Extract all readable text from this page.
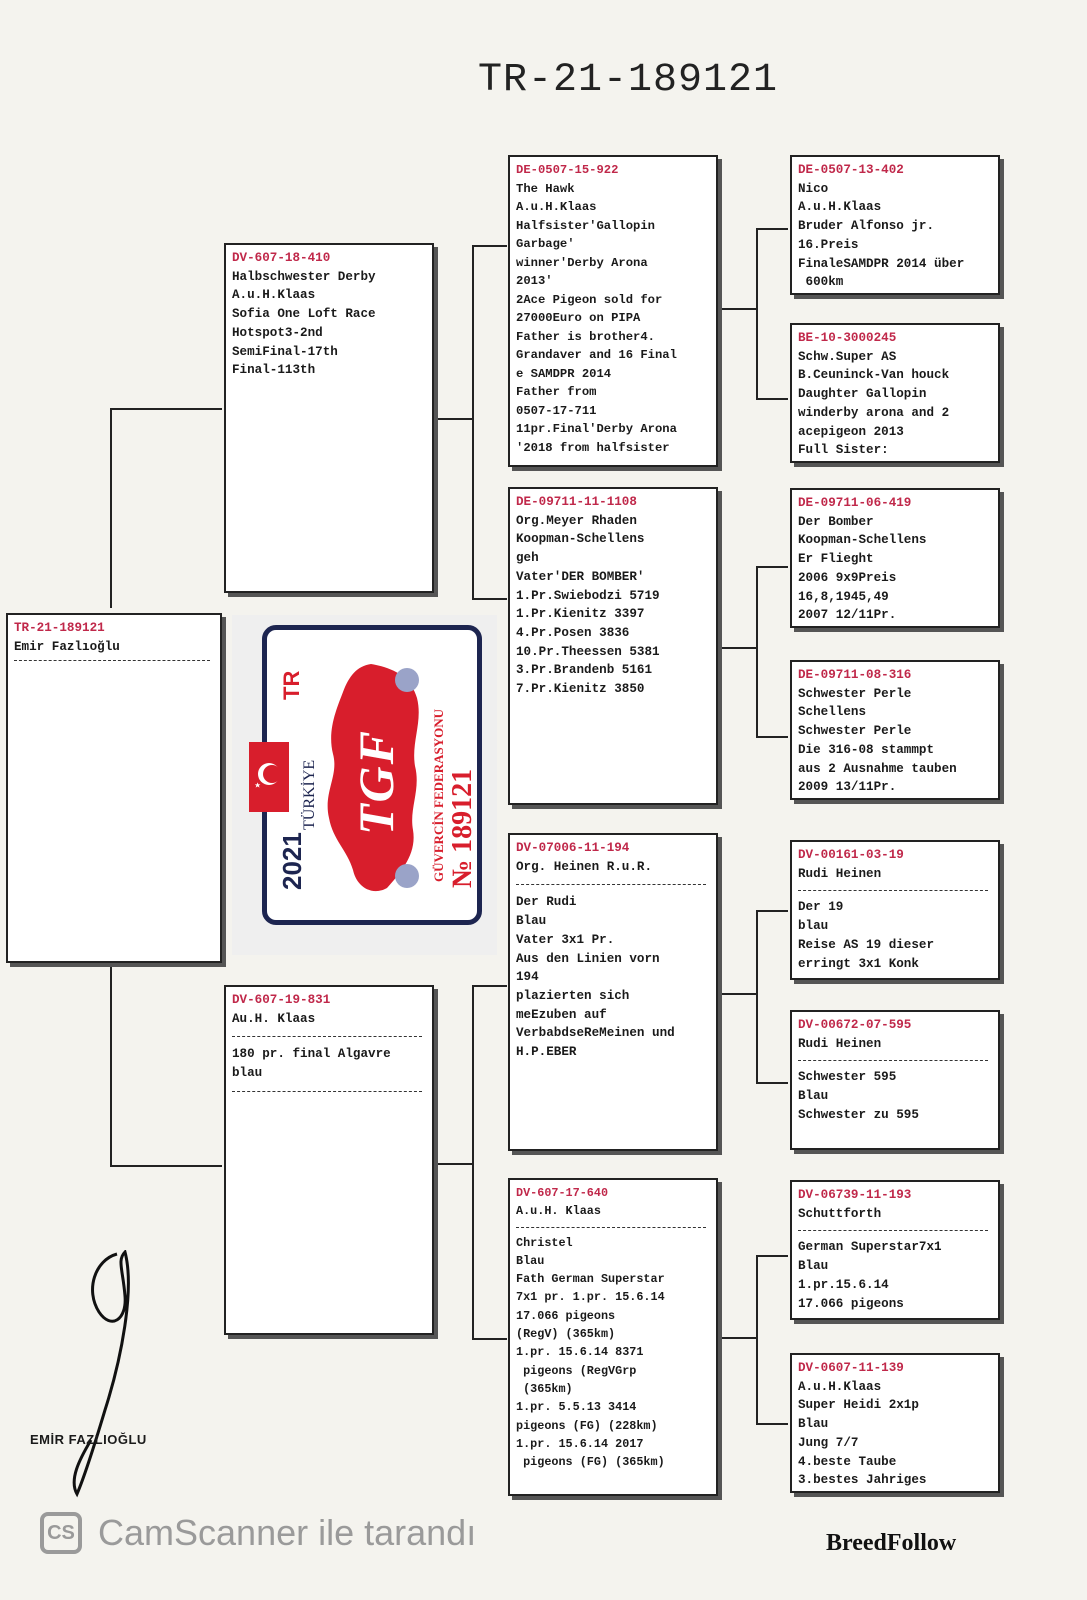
TR-21-189121
TR-21-189121
Emir Fazlıoğlu
DV-607-18-410
Halbschwester Derby
A.u.H.Klaas
Sofia One Loft Race
Hotspot3-2nd
SemiFinal-17th
Final-113th
DV-607-19-831
Au.H. Klaas
180 pr. final Algavre
blau
DE-0507-15-922
The Hawk
A.u.H.Klaas
Halfsister'Gallopin
Garbage'
winner'Derby Arona
2013'
2Ace Pigeon sold for
27000Euro on PIPA
Father is brother4.
Grandaver and 16 Final
e SAMDPR 2014
Father from
0507-17-711
11pr.Final'Derby Arona
'2018 from halfsister
DE-09711-11-1108
Org.Meyer Rhaden
Koopman-Schellens
geh
Vater'DER BOMBER'
1.Pr.Swiebodzi 5719
1.Pr.Kienitz 3397
4.Pr.Posen 3836
10.Pr.Theessen 5381
3.Pr.Brandenb 5161
7.Pr.Kienitz 3850
DV-07006-11-194
Org. Heinen R.u.R.
Der Rudi
Blau
Vater 3x1 Pr.
Aus den Linien vorn
194
plazierten sich
meEzuben auf
VerbabdseReMeinen und
H.P.EBER
DV-607-17-640
A.u.H. Klaas
Christel
Blau
Fath German Superstar
7x1 pr. 1.pr. 15.6.14
17.066 pigeons
(RegV) (365km)
1.pr. 15.6.14 8371
pigeons (RegVGrp
(365km)
1.pr. 5.5.13 3414
pigeons (FG) (228km)
1.pr. 15.6.14 2017
pigeons (FG) (365km)
DE-0507-13-402
Nico
A.u.H.Klaas
Bruder Alfonso jr.
16.Preis
FinaleSAMDPR 2014 über
600km
BE-10-3000245
Schw.Super AS
B.Ceuninck-Van houck
Daughter Gallopin
winderby arona and 2
acepigeon 2013
Full Sister:
DE-09711-06-419
Der Bomber
Koopman-Schellens
Er Flieght
2006 9x9Preis
16,8,1945,49
2007 12/11Pr.
DE-09711-08-316
Schwester Perle
Schellens
Schwester Perle
Die 316-08 stammpt
aus 2 Ausnahme tauben
2009 13/11Pr.
DV-00161-03-19
Rudi Heinen
Der 19
blau
Reise AS 19 dieser
erringt 3x1 Konk
DV-00672-07-595
Rudi Heinen
Schwester 595
Blau
Schwester zu 595
DV-06739-11-193
Schuttforth
German Superstar7x1
Blau
1.pr.15.6.14
17.066 pigeons
DV-0607-11-139
A.u.H.Klaas
Super Heidi 2x1p
Blau
Jung 7/7
4.beste Taube
3.bestes Jahriges
2021
TÜRKİYE
TR
TGF GÜVERCİN FEDERASYONU № 189121
EMİR FAZLIOĞLU
CS CamScanner ile tarandı	BreedFollow
